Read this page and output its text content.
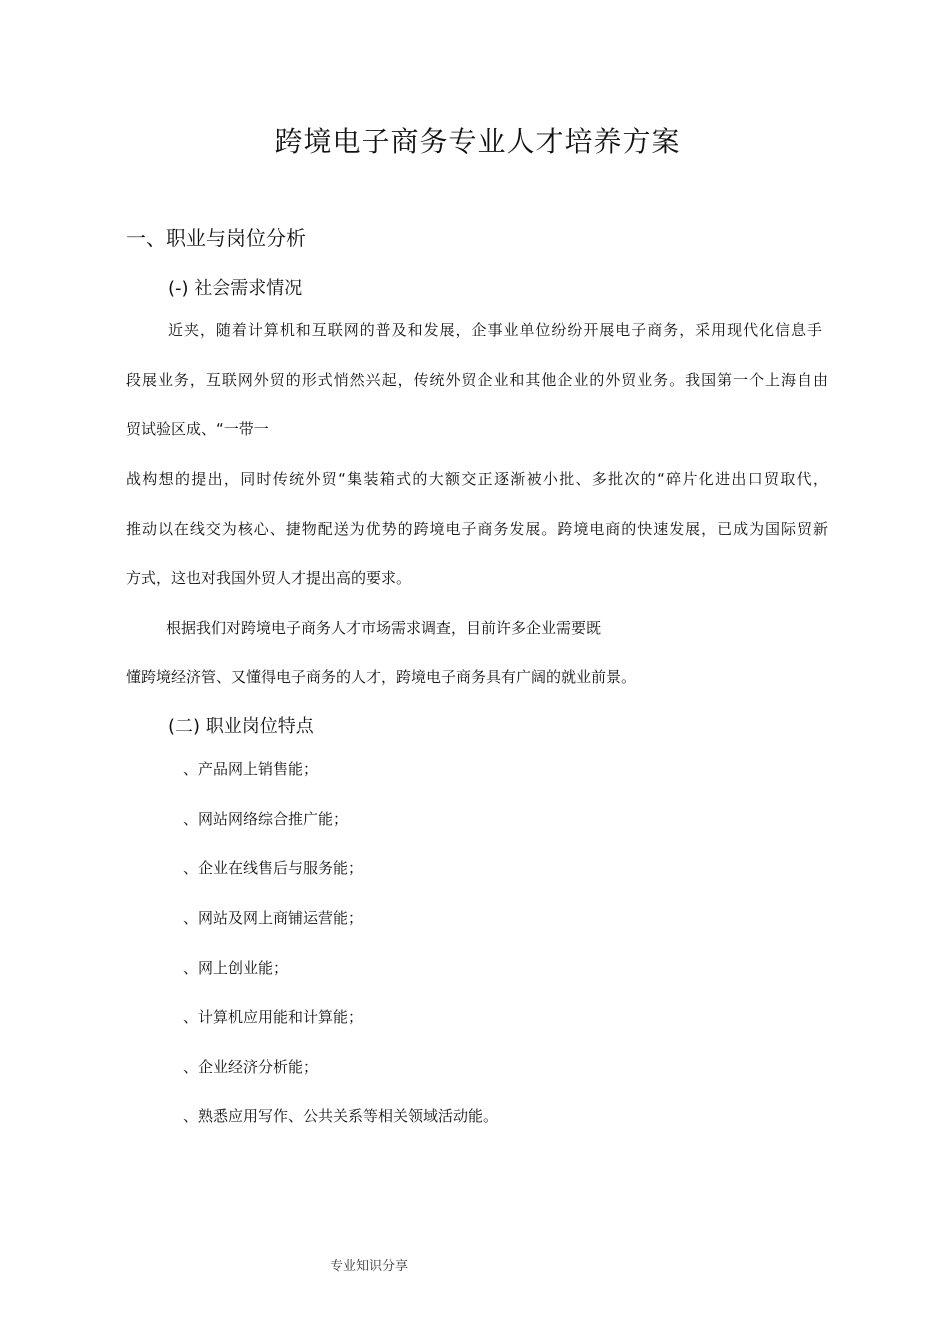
跨境电子商务专业人才培养方案
一、职业与岗位分析
(-) 社会需求情况
近夹，随着计算机和互联网的普及和发展，企事业单位纷纷开展电子商务，采用现代化信息手
段展业务，互联网外贸的形式悄然兴起，传统外贸企业和其他企业的外贸业务。我国第一个上海自由
贸试验区成、“一带一
战构想的提出，同时传统外贸“集装箱式的大额交正逐渐被小批、多批次的“碎片化进出口贸取代，
推动以在线交为核心、捷物配送为优势的跨境电子商务发展。跨境电商的快速发展，已成为国际贸新
方式，这也对我国外贸人才提出高的要求。
根据我们对跨境电子商务人才市场需求调查，目前许多企业需要既
懂跨境经济管、又懂得电子商务的人才，跨境电子商务具有广阔的就业前景。
(二) 职业岗位特点
、产品网上销售能；
、网站网络综合推广能；
、企业在线售后与服务能；
、网站及网上商铺运营能；
、网上创业能；
、计算机应用能和计算能；
、企业经济分析能；
、熟悉应用写作、公共关系等相关领域活动能。
专业知识分享
